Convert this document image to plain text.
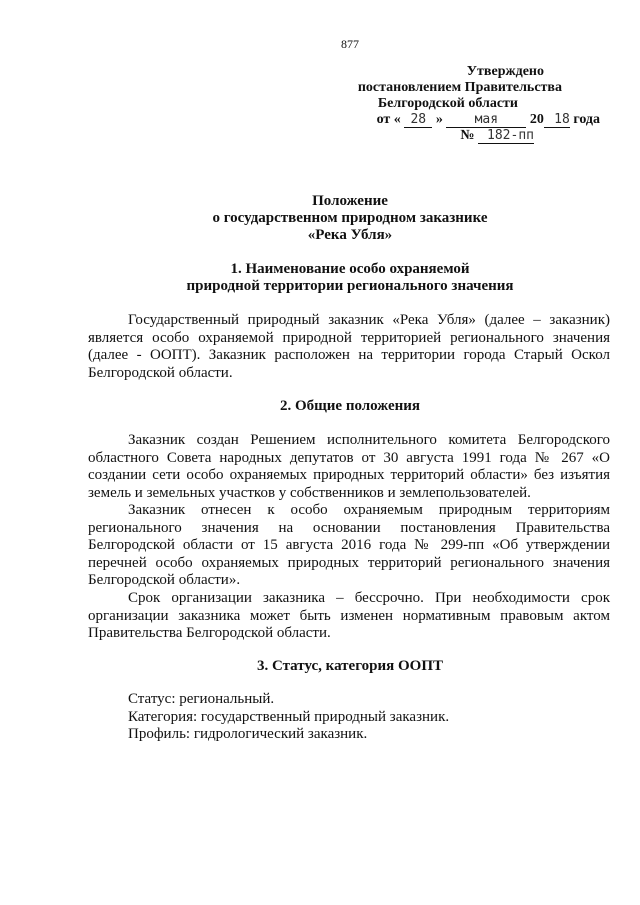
877
Утверждено
постановлением Правительства
Белгородской области
от « 28 » мая 20 18 года
№ 182-пп
Положение
о государственном природном заказнике
«Река Убля»
1. Наименование особо охраняемой
природной территории регионального значения
Государственный природный заказник «Река Убля» (далее – заказник) является особо охраняемой природной территорией регионального значения (далее - ООПТ). Заказник расположен на территории города Старый Оскол Белгородской области.
2. Общие положения
Заказник создан Решением исполнительного комитета Белгородского областного Совета народных депутатов от 30 августа 1991 года № 267 «О создании сети особо охраняемых природных территорий области» без изъятия земель и земельных участков у собственников и землепользователей.
Заказник отнесен к особо охраняемым природным территориям регионального значения на основании постановления Правительства Белгородской области от 15 августа 2016 года № 299-пп «Об утверждении перечней особо охраняемых природных территорий регионального значения Белгородской области».
Срок организации заказника – бессрочно. При необходимости срок организации заказника может быть изменен нормативным правовым актом Правительства Белгородской области.
3. Статус, категория ООПТ
Статус: региональный.
Категория: государственный природный заказник.
Профиль: гидрологический заказник.
